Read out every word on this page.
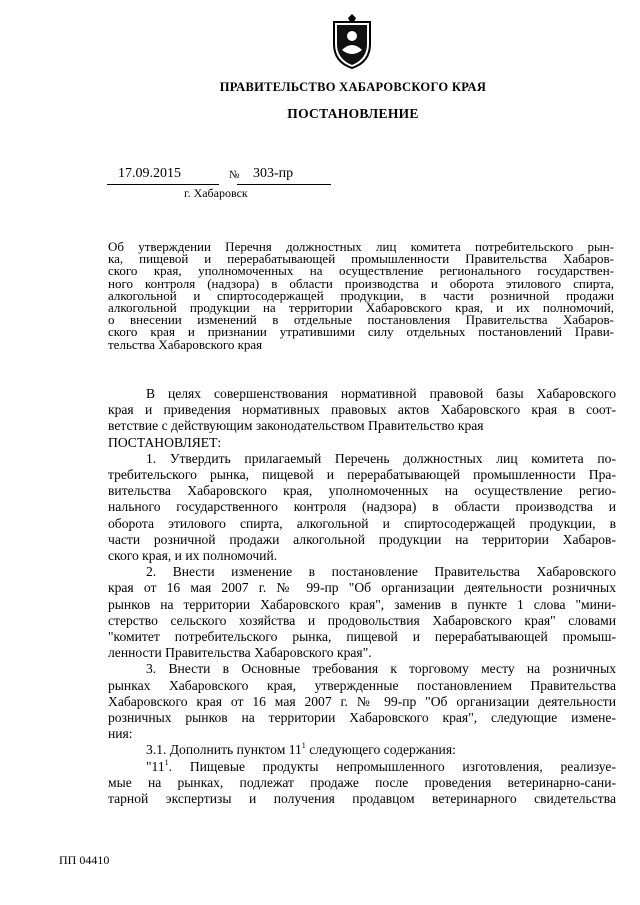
ПРАВИТЕЛЬСТВО ХАБАРОВСКОГО КРАЯ
ПОСТАНОВЛЕНИЕ
17.09.2015	№ 303-пр
г. Хабаровск
Об утверждении Перечня должностных лиц комитета потребительского рын-
ка, пищевой и перерабатывающей промышленности Правительства Хабаров-
ского края, уполномоченных на осуществление регионального государствен-
ного контроля (надзора) в области производства и оборота этилового спирта,
алкогольной и спиртосодержащей продукции, в части розничной продажи
алкогольной продукции на территории Хабаровского края, и их полномочий,
о внесении изменений в отдельные постановления Правительства Хабаров-
ского края и признании утратившими силу отдельных постановлений Прави-
тельства Хабаровского края
В целях совершенствования нормативной правовой базы Хабаровского
края и приведения нормативных правовых актов Хабаровского края в соот-
ветствие с действующим законодательством Правительство края
ПОСТАНОВЛЯЕТ:
1. Утвердить прилагаемый Перечень должностных лиц комитета по-
требительского рынка, пищевой и перерабатывающей промышленности Пра-
вительства Хабаровского края, уполномоченных на осуществление регио-
нального государственного контроля (надзора) в области производства и
оборота этилового спирта, алкогольной и спиртосодержащей продукции, в
части розничной продажи алкогольной продукции на территории Хабаров-
ского края, и их полномочий.
2. Внести изменение в постановление Правительства Хабаровского
края от 16 мая 2007 г. № 99-пр "Об организации деятельности розничных
рынков на территории Хабаровского края", заменив в пункте 1 слова "мини-
стерство сельского хозяйства и продовольствия Хабаровского края" словами
"комитет потребительского рынка, пищевой и перерабатывающей промыш-
ленности Правительства Хабаровского края".
3. Внести в Основные требования к торговому месту на розничных
рынках Хабаровского края, утвержденные постановлением Правительства
Хабаровского края от 16 мая 2007 г. № 99-пр "Об организации деятельности
розничных рынков на территории Хабаровского края", следующие измене-
ния:
3.1. Дополнить пунктом $11^1$ следующего содержания:
"$11^1$. Пищевые продукты непромышленного изготовления, реализуе-
мые на рынках, подлежат продаже после проведения ветеринарно-сани-
тарной экспертизы и получения продавцом ветеринарного свидетельства
ПП 04410
